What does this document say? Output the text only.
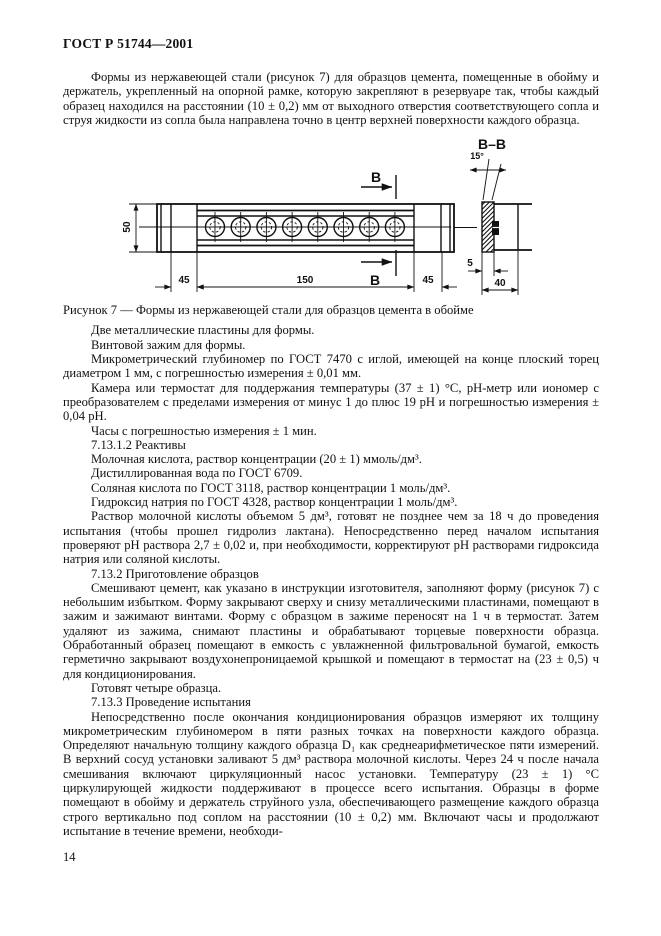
ГОСТ Р 51744—2001

Формы из нержавеющей стали (рисунок 7) для образцов цемента, помещенные в обойму и держатель, укрепленный на опорной рамке, которую закрепляют в резервуаре так, чтобы каждый образец находился на расстоянии (10 ± 0,2) мм от выходного отверстия соответствующего сопла и струя жидкости из сопла была направлена точно в центр верхней поверхности каждого образца.

50
45	150	45
В
В
В–В
15°
5
40

Рисунок 7 — Формы из нержавеющей стали для образцов цемента в обойме

Две металлические пластины для формы.

Винтовой зажим для формы.

Микрометрический глубиномер по ГОСТ 7470 с иглой, имеющей на конце плоский торец диаметром 1 мм, с погрешностью измерения ± 0,01 мм.

Камера или термостат для поддержания температуры (37 ± 1) °С, pH-метр или иономер с преобразователем с пределами измерения от минус 1 до плюс 19 pH и погрешностью измерения ± 0,04 pH.

Часы с погрешностью измерения ± 1 мин.

7.13.1.2 Реактивы

Молочная кислота, раствор концентрации (20 ± 1) ммоль/дм³.

Дистиллированная вода по ГОСТ 6709.

Соляная кислота по ГОСТ 3118, раствор концентрации 1 моль/дм³.

Гидроксид натрия по ГОСТ 4328, раствор концентрации 1 моль/дм³.

Раствор молочной кислоты объемом 5 дм³, готовят не позднее чем за 18 ч до проведения испытания (чтобы прошел гидролиз лактана). Непосредственно перед началом испытания проверяют pH раствора 2,7 ± 0,02 и, при необходимости, корректируют pH растворами гидроксида натрия или соляной кислоты.

7.13.2 Приготовление образцов

Смешивают цемент, как указано в инструкции изготовителя, заполняют форму (рисунок 7) с небольшим избытком. Форму закрывают сверху и снизу металлическими пластинами, помещают в зажим и зажимают винтами. Форму с образцом в зажиме переносят на 1 ч в термостат. Затем удаляют из зажима, снимают пластины и обрабатывают торцевые поверхности образца. Обработанный образец помещают в емкость с увлажненной фильтровальной бумагой, емкость герметично закрывают воздухонепроницаемой крышкой и помещают в термостат на (23 ± 0,5) ч для кондиционирования.

Готовят четыре образца.

7.13.3 Проведение испытания

Непосредственно после окончания кондиционирования образцов измеряют их толщину микрометрическим глубиномером в пяти разных точках на поверхности каждого образца. Определяют начальную толщину каждого образца D₁ как среднеарифметическое пяти измерений. В верхний сосуд установки заливают 5 дм³ раствора молочной кислоты. Через 24 ч после начала смешивания включают циркуляционный насос установки. Температуру (23 ± 1) °С циркулирующей жидкости поддерживают в процессе всего испытания. Образцы в форме помещают в обойму и держатель струйного узла, обеспечивающего размещение каждого образца строго вертикально под соплом на расстоянии (10 ± 0,2) мм. Включают часы и продолжают испытание в течение времени, необходи-

14
